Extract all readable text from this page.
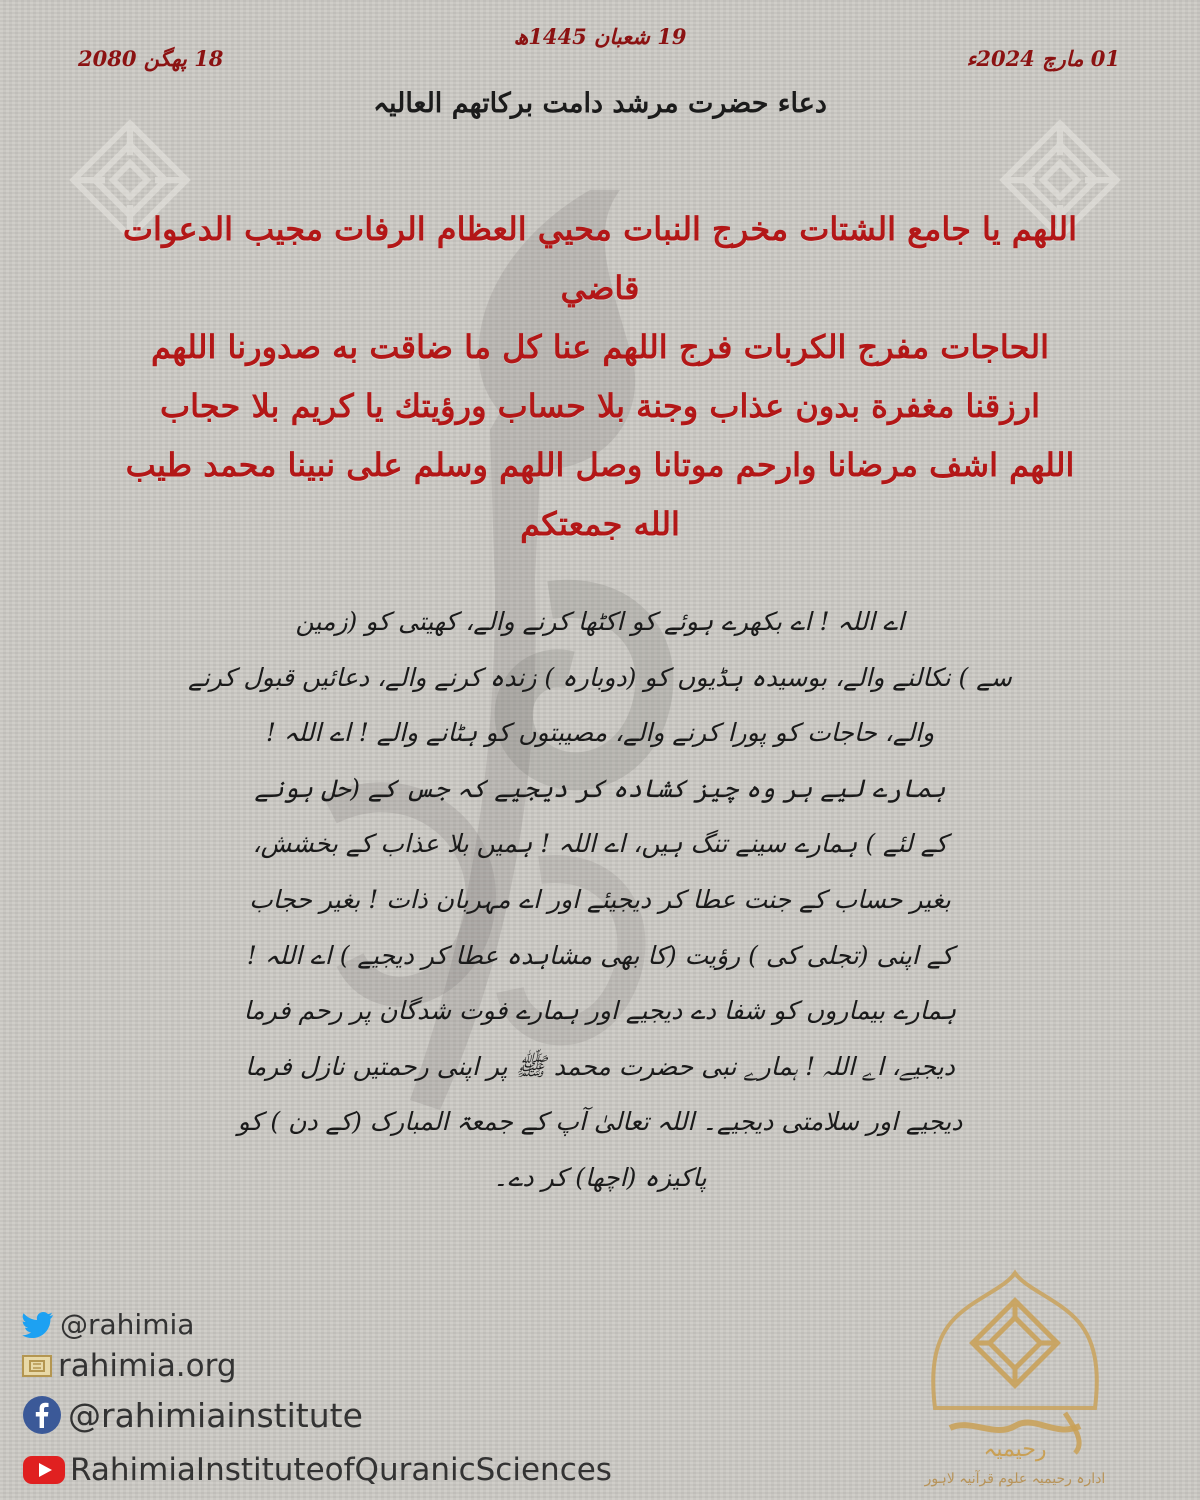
01 مارچ 2024ء
19 شعبان 1445ھ
18 پھگن 2080
دعاء حضرت مرشد دامت برکاتھم العالیہ
اللهم يا جامع الشتات مخرج النبات محيي العظام الرفات مجيب الدعوات قاضي
الحاجات مفرج الكربات فرج اللهم عنا كل ما ضاقت به صدورنا اللهم
ارزقنا مغفرة بدون عذاب وجنة بلا حساب ورؤيتك يا كريم بلا حجاب
اللهم اشف مرضانا وارحم موتانا وصل اللهم وسلم على نبينا محمد طيب
الله جمعتكم
اے اللہ ! اے بکھرے ہوئے کو اکٹھا کرنے والے، کھیتی کو (زمین
سے ) نکالنے والے، بوسیدہ ہڈیوں کو (دوبارہ ) زندہ کرنے والے، دعائیں قبول کرنے
والے، حاجات کو پورا کرنے والے، مصیبتوں کو ہٹانے والے ! اے اللہ !
ہمارے لیے ہر وہ چیز کشادہ کر دیجیے کہ جس کے (حل ہونے
کے لئے ) ہمارے سینے تنگ ہیں، اے اللہ ! ہمیں بلا عذاب کے بخشش،
بغیر حساب کے جنت عطا کر دیجیئے اور اے مہربان ذات ! بغیر حجاب
کے اپنی (تجلی کی ) رؤیت (کا بھی مشاہدہ عطا کر دیجیے ) اے اللہ !
ہمارے بیماروں کو شفا دے دیجیے اور ہمارے فوت شدگان پر رحم فرما
دیجیے، اے اللہ ! ہمارے نبی حضرت محمد ﷺ پر اپنی رحمتیں نازل فرما
دیجیے اور سلامتی دیجیے۔ اللہ تعالیٰ آپ کے جمعۃ المبارک (کے دن ) کو
پاکیزہ (اچھا) کر دے۔
@rahimia
rahimia.org
@rahimiainstitute
RahimiaInstituteofQuranicSciences
رحیمیہ
ادارہ رحیمیہ علوم قرآنیہ لاہور
